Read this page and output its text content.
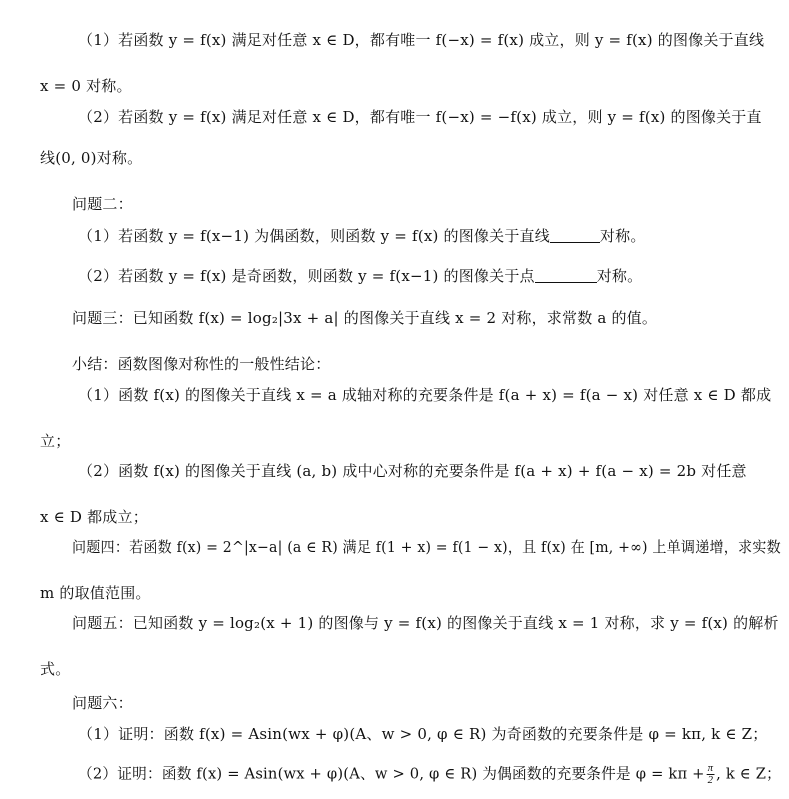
（1）若函数 y = f(x) 满足对任意 x ∈ D，都有唯一 f(−x) = f(x) 成立，则 y = f(x) 的图像关于直线
x = 0 对称。
（2）若函数 y = f(x) 满足对任意 x ∈ D，都有唯一 f(−x) = −f(x) 成立，则 y = f(x) 的图像关于直
线(0, 0)对称。
问题二：
（1）若函数 y = f(x−1) 为偶函数，则函数 y = f(x) 的图像关于直线	对称。
（2）若函数 y = f(x) 是奇函数，则函数 y = f(x−1) 的图像关于点	对称。
问题三：已知函数 f(x) = log₂|3x + a| 的图像关于直线 x = 2 对称，求常数 a 的值。
小结：函数图像对称性的一般性结论：
（1）函数 f(x) 的图像关于直线 x = a 成轴对称的充要条件是 f(a + x) = f(a − x) 对任意 x ∈ D 都成
立；
（2）函数 f(x) 的图像关于直线 (a, b) 成中心对称的充要条件是 f(a + x) + f(a − x) = 2b 对任意
x ∈ D 都成立；
问题四：若函数 f(x) = 2^|x−a| (a ∈ R) 满足 f(1 + x) = f(1 − x)，且 f(x) 在 [m, +∞) 上单调递增，求实数
m 的取值范围。
问题五：已知函数 y = log₂(x + 1) 的图像与 y = f(x) 的图像关于直线 x = 1 对称，求 y = f(x) 的解析
式。
问题六：
（1）证明：函数 f(x) = Asin(wx + φ)(A、w > 0, φ ∈ R) 为奇函数的充要条件是 φ = kπ, k ∈ Z；
（2）证明：函数 f(x) = Asin(wx + φ)(A、w > 0, φ ∈ R) 为偶函数的充要条件是 $\varphi = k\pi + \frac{\pi}{2}$ , k ∈ Z；
